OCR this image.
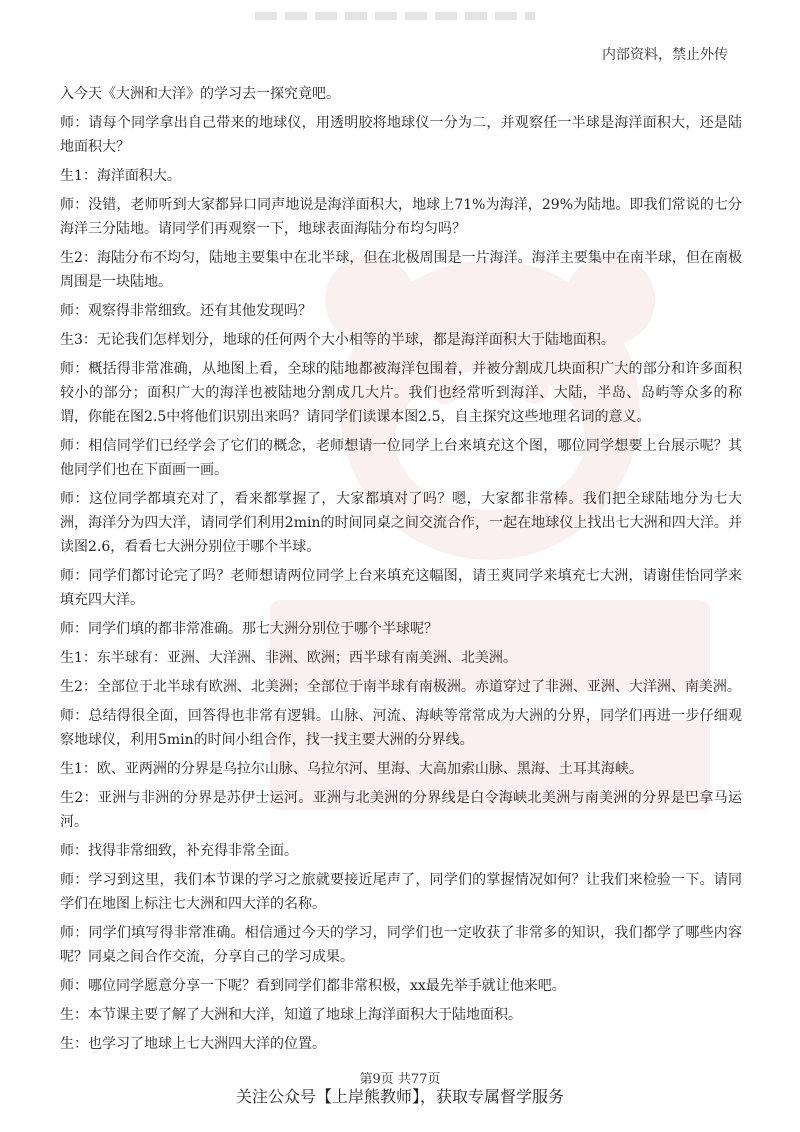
内部资料，禁止外传

入今天《大洲和大洋》的学习去一探究竟吧。

师：请每个同学拿出自己带来的地球仪，用透明胶将地球仪一分为二，并观察任一半球是海洋面积大，还是陆地面积大？

生1：海洋面积大。

师：没错，老师听到大家都异口同声地说是海洋面积大，地球上71%为海洋，29%为陆地。即我们常说的七分海洋三分陆地。请同学们再观察一下，地球表面海陆分布均匀吗？

生2：海陆分布不均匀，陆地主要集中在北半球，但在北极周围是一片海洋。海洋主要集中在南半球，但在南极周围是一块陆地。

师：观察得非常细致。还有其他发现吗？

生3：无论我们怎样划分，地球的任何两个大小相等的半球，都是海洋面积大于陆地面积。

师：概括得非常准确，从地图上看，全球的陆地都被海洋包围着，并被分割成几块面积广大的部分和许多面积较小的部分；面积广大的海洋也被陆地分割成几大片。我们也经常听到海洋、大陆，半岛、岛屿等众多的称谓，你能在图2.5中将他们识别出来吗？请同学们读课本图2.5，自主探究这些地理名词的意义。

师：相信同学们已经学会了它们的概念，老师想请一位同学上台来填充这个图，哪位同学想要上台展示呢？其他同学们也在下面画一画。

师：这位同学都填充对了，看来都掌握了，大家都填对了吗？嗯，大家都非常棒。我们把全球陆地分为七大洲，海洋分为四大洋，请同学们利用2min的时间同桌之间交流合作，一起在地球仪上找出七大洲和四大洋。并读图2.6，看看七大洲分别位于哪个半球。

师：同学们都讨论完了吗？老师想请两位同学上台来填充这幅图，请王爽同学来填充七大洲，请谢佳怡同学来填充四大洋。

师：同学们填的都非常准确。那七大洲分别位于哪个半球呢？

生1：东半球有：亚洲、大洋洲、非洲、欧洲；西半球有南美洲、北美洲。

生2：全部位于北半球有欧洲、北美洲；全部位于南半球有南极洲。赤道穿过了非洲、亚洲、大洋洲、南美洲。

师：总结得很全面，回答得也非常有逻辑。山脉、河流、海峡等常常成为大洲的分界，同学们再进一步仔细观察地球仪，利用5min的时间小组合作，找一找主要大洲的分界线。

生1：欧、亚两洲的分界是乌拉尔山脉、乌拉尔河、里海、大高加索山脉、黑海、土耳其海峡。

生2：亚洲与非洲的分界是苏伊士运河。亚洲与北美洲的分界线是白令海峡北美洲与南美洲的分界是巴拿马运河。

师：找得非常细致，补充得非常全面。

师：学习到这里，我们本节课的学习之旅就要接近尾声了，同学们的掌握情况如何？让我们来检验一下。请同学们在地图上标注七大洲和四大洋的名称。

师：同学们填写得非常准确。相信通过今天的学习，同学们也一定收获了非常多的知识，我们都学了哪些内容呢？同桌之间合作交流，分享自己的学习成果。

师：哪位同学愿意分享一下呢？看到同学们都非常积极，xx最先举手就让他来吧。

生：本节课主要了解了大洲和大洋，知道了地球上海洋面积大于陆地面积。

生：也学习了地球上七大洲四大洋的位置。

第9页 共77页
关注公众号【上岸熊教师】，获取专属督学服务
